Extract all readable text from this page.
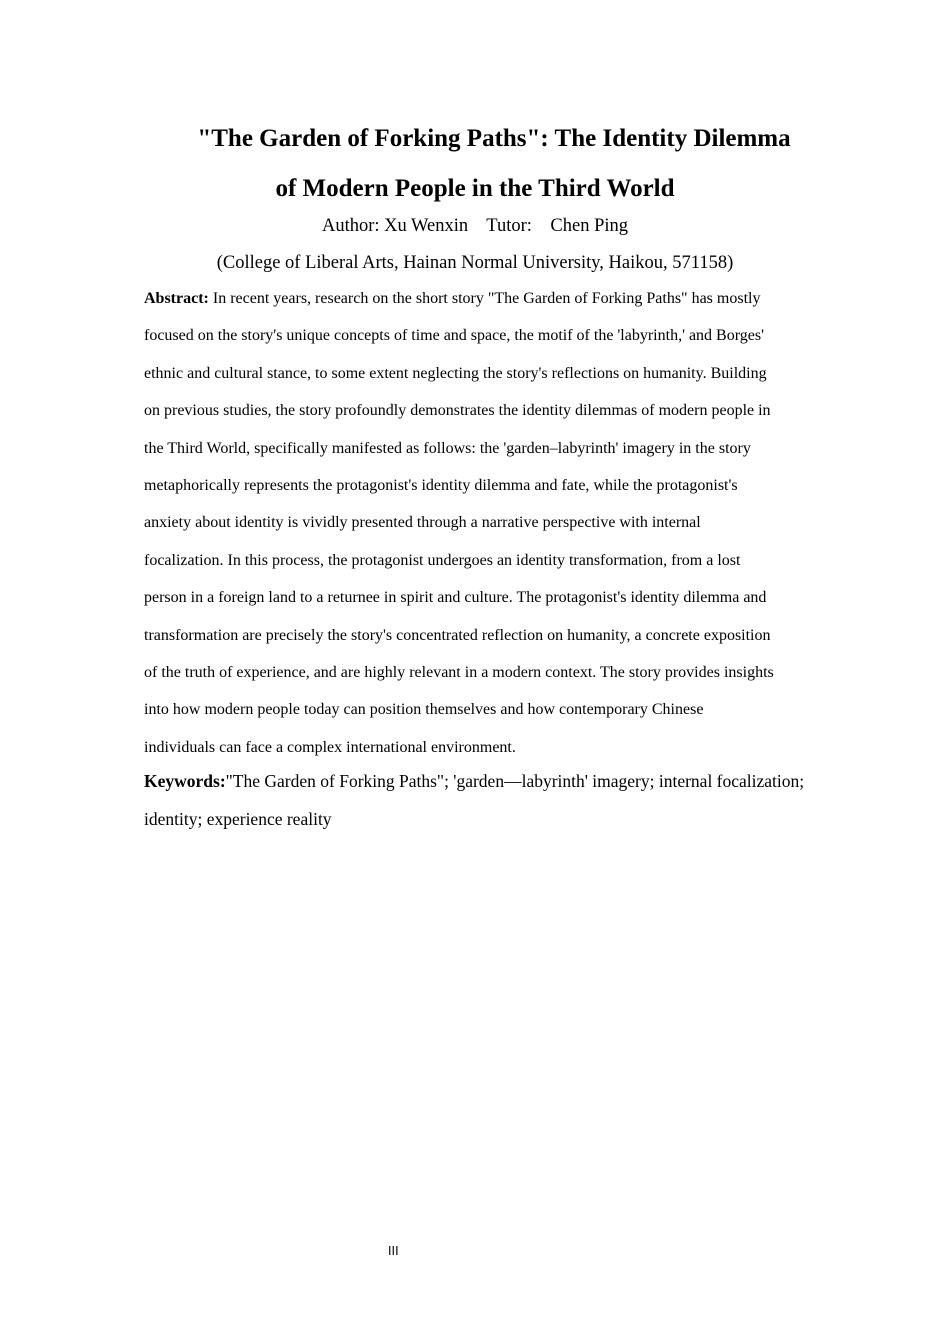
"The Garden of Forking Paths": The Identity Dilemma
of Modern People in the Third World
Author: Xu Wenxin    Tutor:    Chen Ping
(College of Liberal Arts, Hainan Normal University, Haikou, 571158)
Abstract: In recent years, research on the short story "The Garden of Forking Paths" has mostly
focused on the story's unique concepts of time and space, the motif of the 'labyrinth,' and Borges'
ethnic and cultural stance, to some extent neglecting the story's reflections on humanity. Building
on previous studies, the story profoundly demonstrates the identity dilemmas of modern people in
the Third World, specifically manifested as follows: the 'garden–labyrinth' imagery in the story
metaphorically represents the protagonist's identity dilemma and fate, while the protagonist's
anxiety about identity is vividly presented through a narrative perspective with internal
focalization. In this process, the protagonist undergoes an identity transformation, from a lost
person in a foreign land to a returnee in spirit and culture. The protagonist's identity dilemma and
transformation are precisely the story's concentrated reflection on humanity, a concrete exposition
of the truth of experience, and are highly relevant in a modern context. The story provides insights
into how modern people today can position themselves and how contemporary Chinese
individuals can face a complex international environment.
Keywords:"The Garden of Forking Paths"; 'garden—labyrinth' imagery; internal focalization; identity; experience reality
III
